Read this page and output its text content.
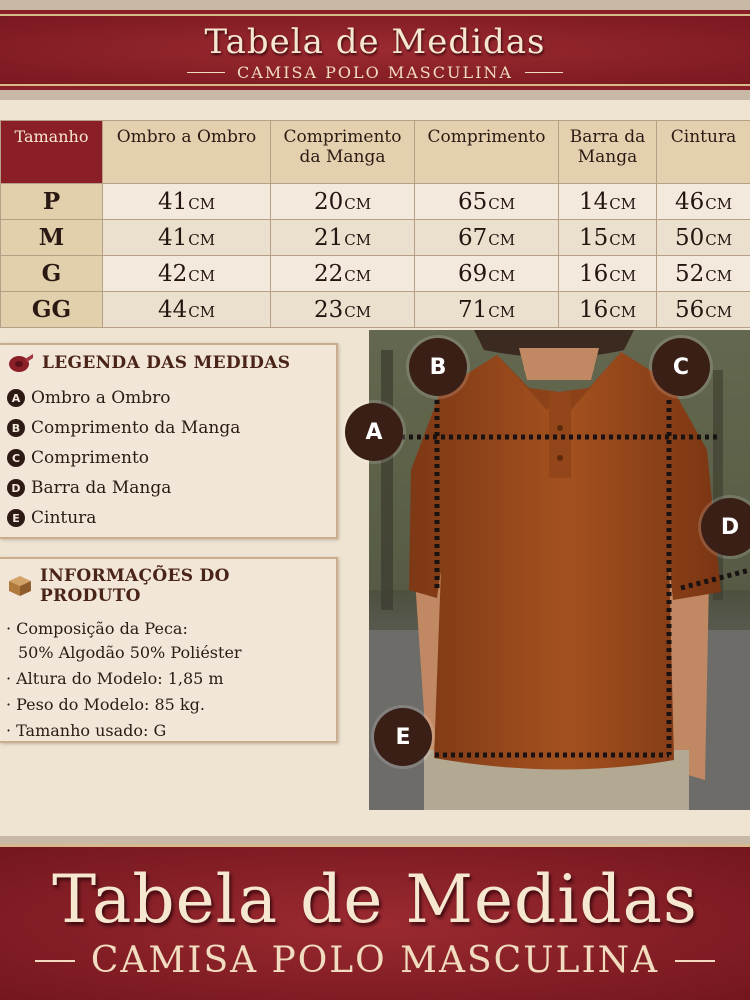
Tabela de Medidas
CAMISA POLO MASCULINA
Tamanho	Ombro a Ombro	Comprimento da Manga	Comprimento	Barra da Manga	Cintura
P	41CM	20CM	65CM	14CM	46CM
M	41CM	21CM	67CM	15CM	50CM
G	42CM	22CM	69CM	16CM	52CM
GG	44CM	23CM	71CM	16CM	56CM
LEGENDA DAS MEDIDAS
A Ombro a Ombro
B Comprimento da Manga
C Comprimento
D Barra da Manga
E Cintura
INFORMAÇÕES DO PRODUTO
· Composição da Peca:
50% Algodão 50% Poliéster
· Altura do Modelo: 1,85 m
· Peso do Modelo: 85 kg.
· Tamanho usado: G
B	C
D
E
A
Tabela de Medidas
CAMISA POLO MASCULINA
